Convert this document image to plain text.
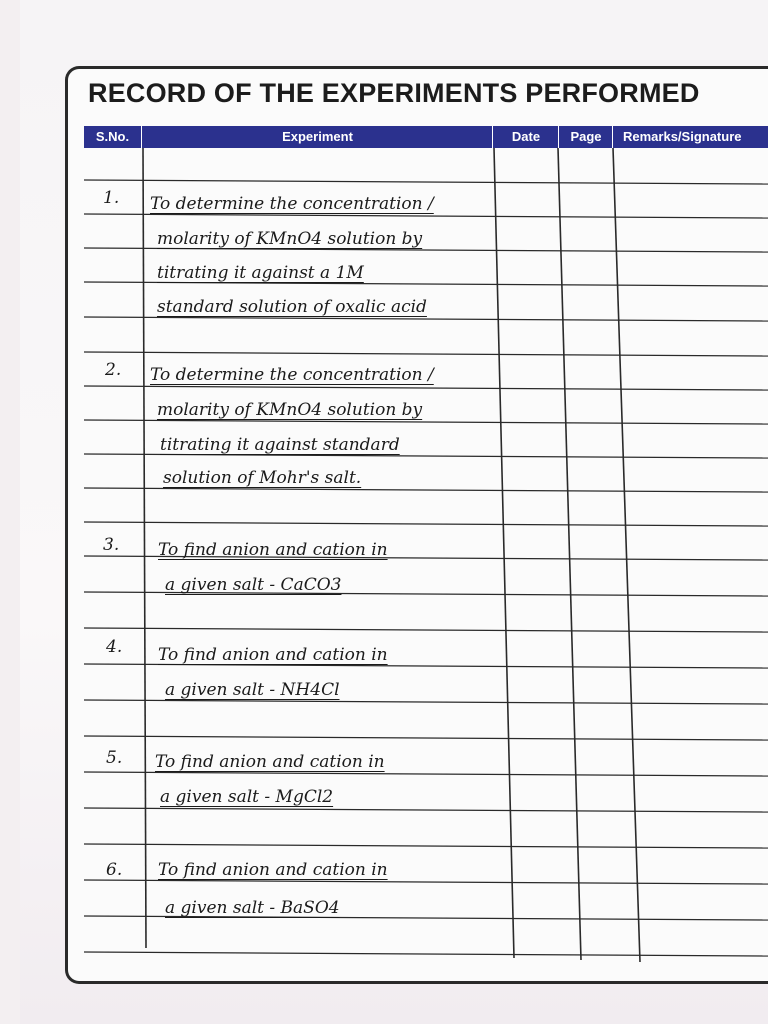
RECORD OF THE EXPERIMENTS PERFORMED
S.No.	Experiment	Date	Page	Remarks/Signature
1. To determine the concentration /
molarity of KMnO4 solution by
titrating it against a 1M
standard solution of oxalic acid
2. To determine the concentration /
molarity of KMnO4 solution by
titrating it against standard
solution of Mohr's salt.
3. To find anion and cation in
a given salt - CaCO3
4. To find anion and cation in
a given salt - NH4Cl
5. To find anion and cation in
a given salt - MgCl2
6. To find anion and cation in
a given salt - BaSO4
